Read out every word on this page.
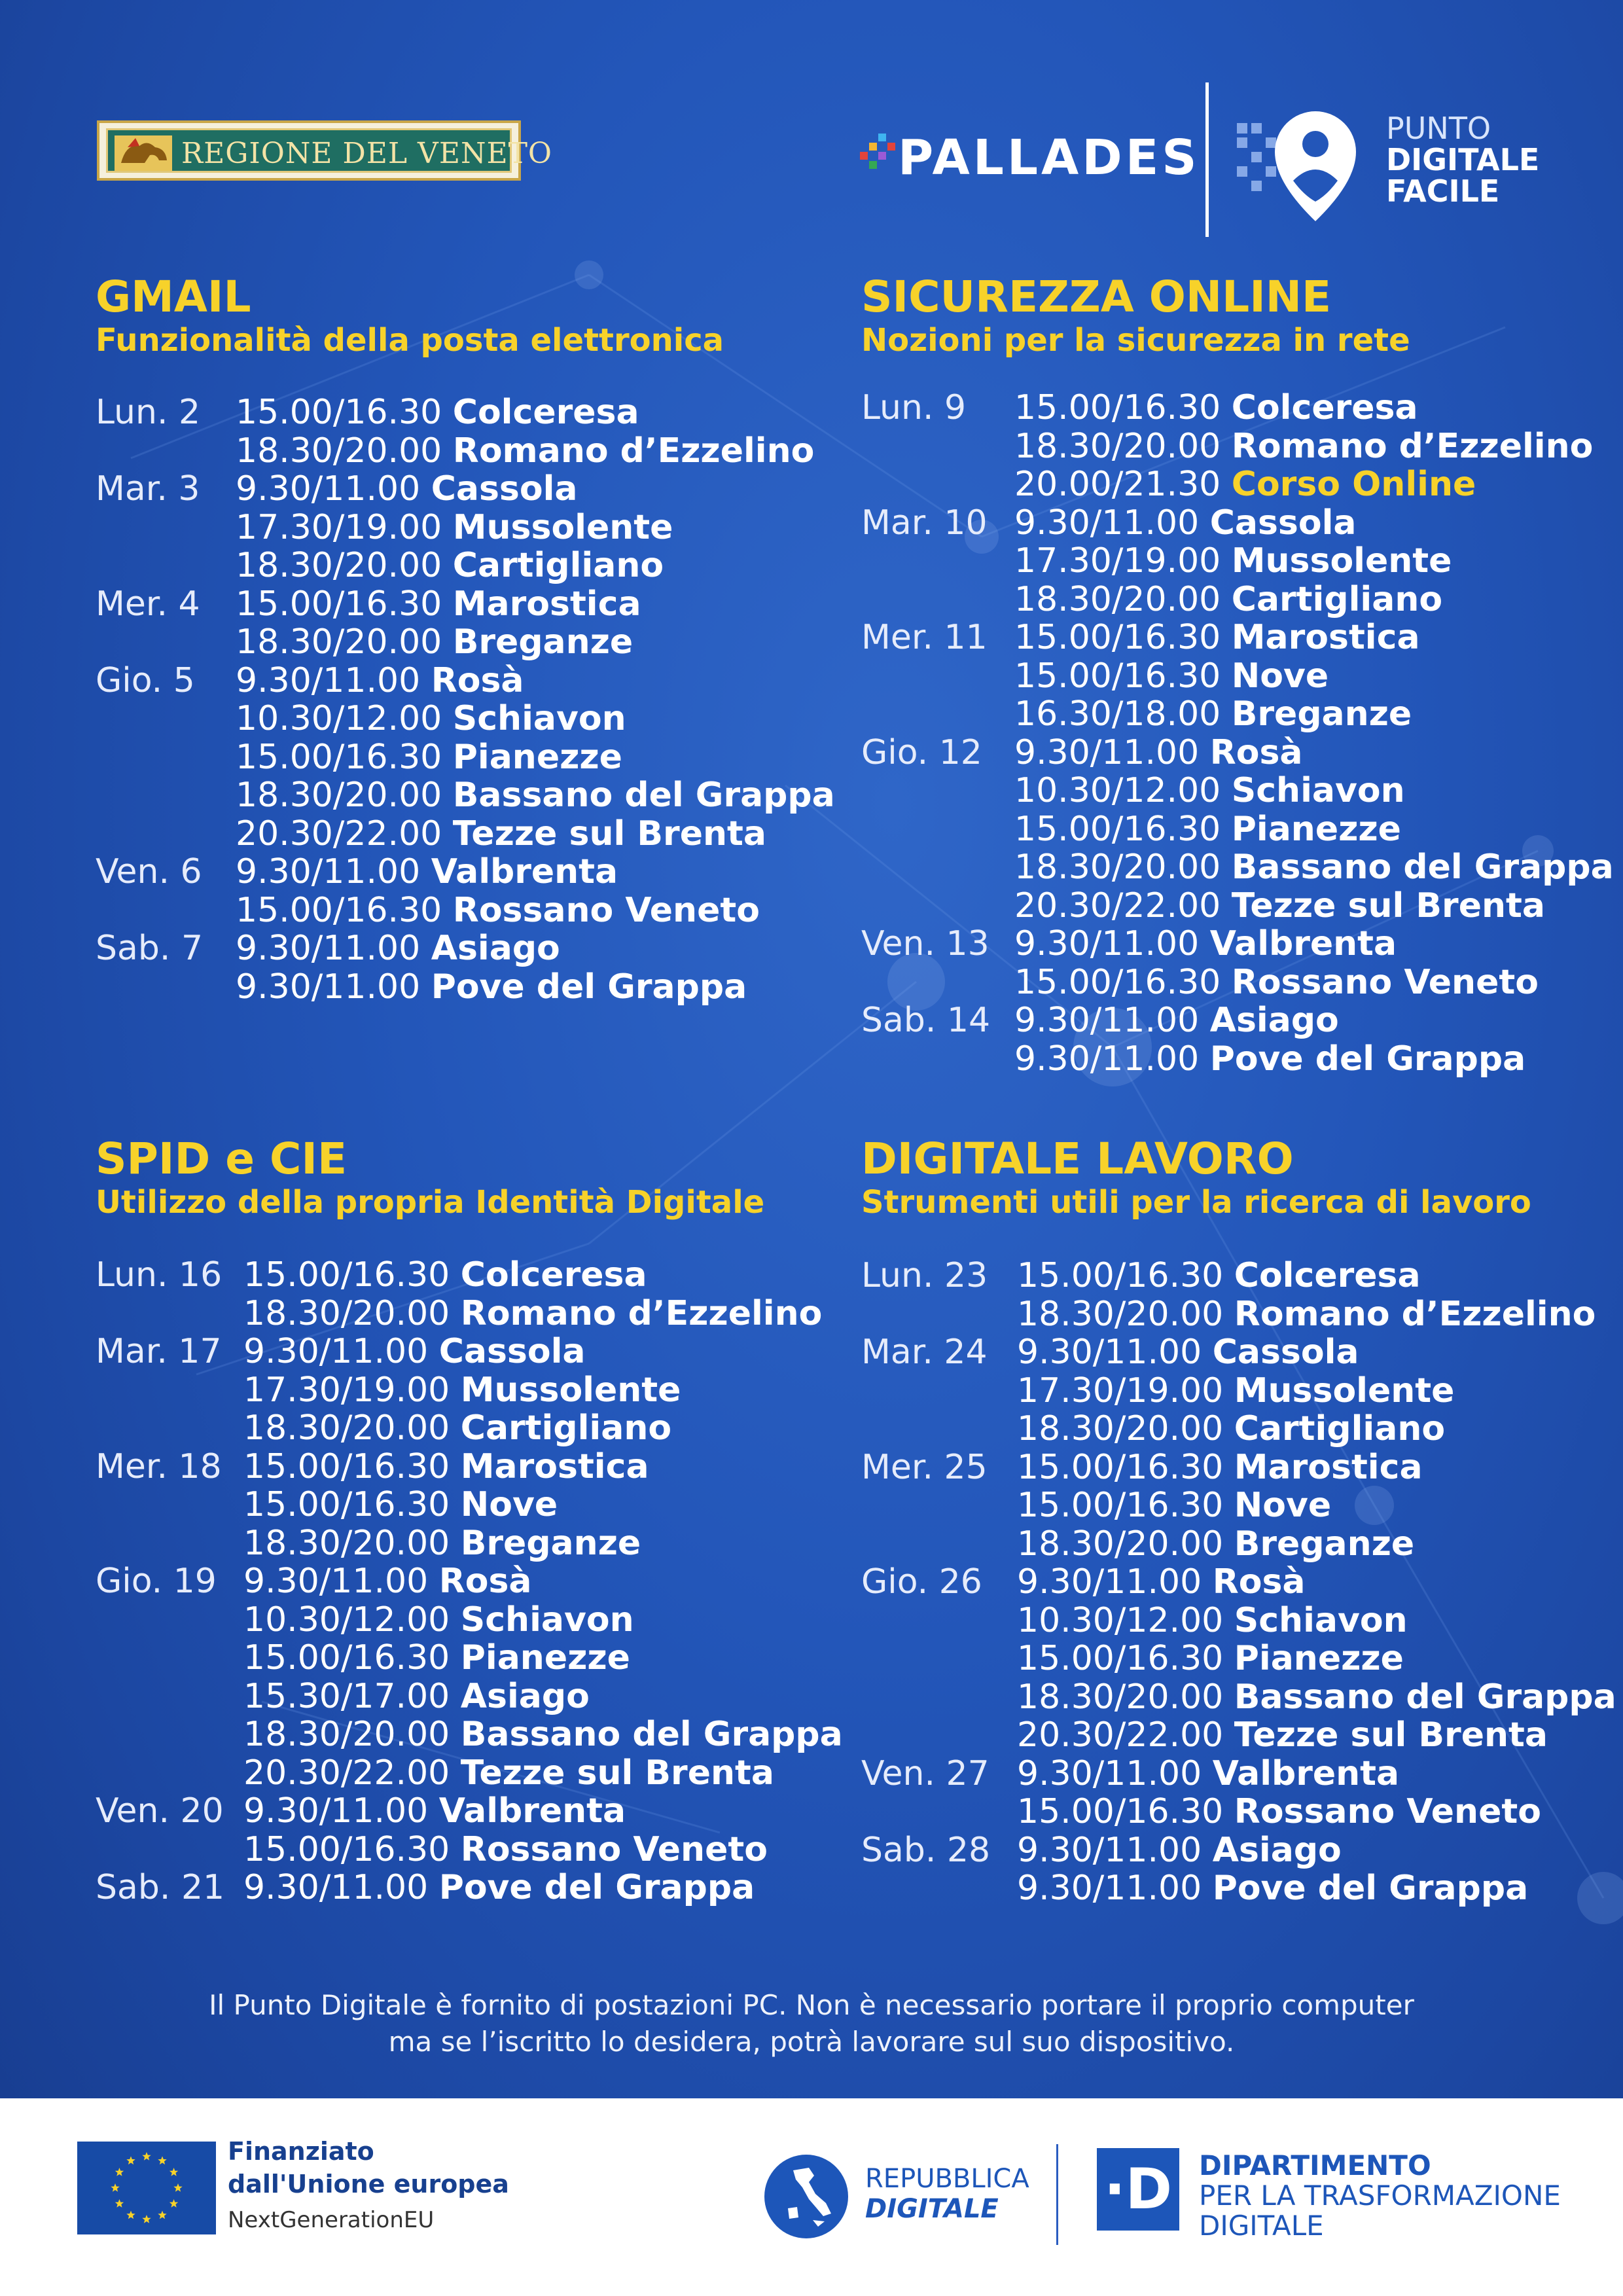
REGIONE DEL VENETO	PALLADES
PUNTO
DIGITALE
FACILE
GMAIL
Funzionalità della posta elettronica
Lun. 2 15.00/16.30 Colceresa
18.30/20.00 Romano d’Ezzelino
Mar. 3 9.30/11.00 Cassola
17.30/19.00 Mussolente
18.30/20.00 Cartigliano
Mer. 4 15.00/16.30 Marostica
18.30/20.00 Breganze
Gio. 5 9.30/11.00 Rosà
10.30/12.00 Schiavon
15.00/16.30 Pianezze
18.30/20.00 Bassano del Grappa
20.30/22.00 Tezze sul Brenta
Ven. 6 9.30/11.00 Valbrenta
15.00/16.30 Rossano Veneto
Sab. 7 9.30/11.00 Asiago
9.30/11.00 Pove del Grappa
SICUREZZA ONLINE
Nozioni per la sicurezza in rete
Lun. 9 15.00/16.30 Colceresa
18.30/20.00 Romano d’Ezzelino
20.00/21.30 Corso Online
Mar. 10 9.30/11.00 Cassola
17.30/19.00 Mussolente
18.30/20.00 Cartigliano
Mer. 11 15.00/16.30 Marostica
15.00/16.30 Nove
16.30/18.00 Breganze
Gio. 12 9.30/11.00 Rosà
10.30/12.00 Schiavon
15.00/16.30 Pianezze
18.30/20.00 Bassano del Grappa
20.30/22.00 Tezze sul Brenta
Ven. 13 9.30/11.00 Valbrenta
15.00/16.30 Rossano Veneto
Sab. 14 9.30/11.00 Asiago
9.30/11.00 Pove del Grappa
SPID e CIE
Utilizzo della propria Identità Digitale
Lun. 16 15.00/16.30 Colceresa
18.30/20.00 Romano d’Ezzelino
Mar. 17 9.30/11.00 Cassola
17.30/19.00 Mussolente
18.30/20.00 Cartigliano
Mer. 18 15.00/16.30 Marostica
15.00/16.30 Nove
18.30/20.00 Breganze
Gio. 19 9.30/11.00 Rosà
10.30/12.00 Schiavon
15.00/16.30 Pianezze
15.30/17.00 Asiago
18.30/20.00 Bassano del Grappa
20.30/22.00 Tezze sul Brenta
Ven. 20 9.30/11.00 Valbrenta
15.00/16.30 Rossano Veneto
Sab. 21 9.30/11.00 Pove del Grappa
DIGITALE LAVORO
Strumenti utili per la ricerca di lavoro
Lun. 23 15.00/16.30 Colceresa
18.30/20.00 Romano d’Ezzelino
Mar. 24 9.30/11.00 Cassola
17.30/19.00 Mussolente
18.30/20.00 Cartigliano
Mer. 25 15.00/16.30 Marostica
15.00/16.30 Nove
18.30/20.00 Breganze
Gio. 26 9.30/11.00 Rosà
10.30/12.00 Schiavon
15.00/16.30 Pianezze
18.30/20.00 Bassano del Grappa
20.30/22.00 Tezze sul Brenta
Ven. 27 9.30/11.00 Valbrenta
15.00/16.30 Rossano Veneto
Sab. 28 9.30/11.00 Asiago
9.30/11.00 Pove del Grappa
Il Punto Digitale è fornito di postazioni PC. Non è necessario portare il proprio computer
ma se l’iscritto lo desidera, potrà lavorare sul suo dispositivo.
Finanziato
dall'Unione europea
NextGenerationEU
REPUBBLICA
DIGITALE	·D DIPARTIMENTO
PER LA TRASFORMAZIONE
DIGITALE
